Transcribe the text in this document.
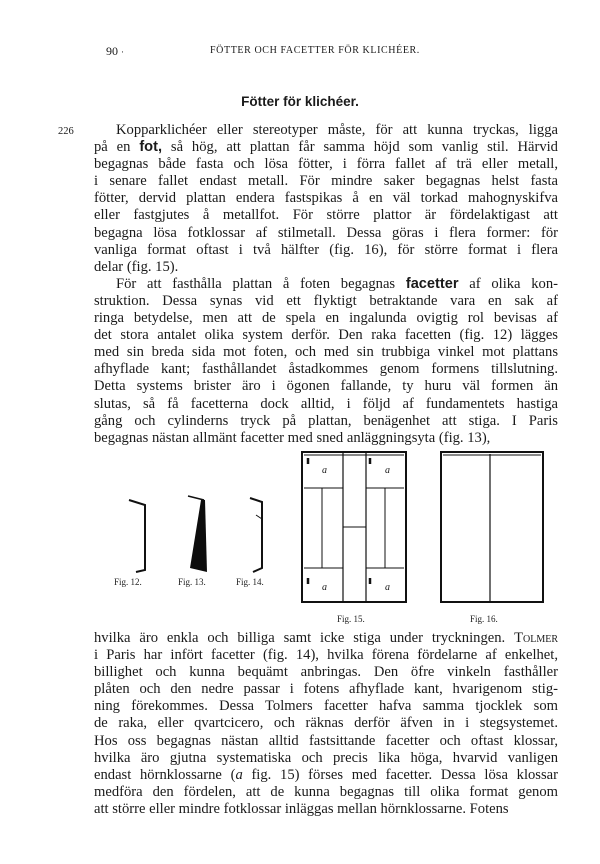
90 ·	FÖTTER OCH FACETTER FÖR KLICHÉER.
Fötter för klichéer.
226	Kopparklichéer eller stereotyper måste, för att kunna tryckas, ligga
på en fot, så hög, att plattan får samma höjd som vanlig stil. Härvid
begagnas både fasta och lösa fötter, i förra fallet af trä eller metall,
i senare fallet endast metall. För mindre saker begagnas helst fasta
fötter, dervid plattan endera fastspikas å en väl torkad mahognyskifva
eller fastgjutes å metallfot. För större plattor är fördelaktigast att
begagna lösa fotklossar af stilmetall. Dessa göras i flera former: för
vanliga format oftast i två hälfter (fig. 16), för större format i flera
delar (fig. 15).
För att fasthålla plattan å foten begagnas facetter af olika kon-
struktion. Dessa synas vid ett flyktigt betraktande vara en sak af
ringa betydelse, men att de spela en ingalunda ovigtig rol bevisas af
det stora antalet olika system derför. Den raka facetten (fig. 12) lägges
med sin breda sida mot foten, och med sin trubbiga vinkel mot plattans
afhyflade kant; fasthållandet åstadkommes genom formens tillslutning.
Detta systems brister äro i ögonen fallande, ty huru väl formen än
slutas, så få facetterna dock alltid, i följd af fundamentets hastiga
gång och cylinderns tryck på plattan, benägenhet att stiga. I Paris
begagnas nästan allmänt facetter med sned anläggningsyta (fig. 13),
Fig. 12.	Fig. 13.	Fig. 14.
a	a
a	a
Fig. 15.	Fig. 16.
hvilka äro enkla och billiga samt icke stiga under tryckningen. Tolmer
i Paris har infört facetter (fig. 14), hvilka förena fördelarne af enkelhet,
billighet och kunna bequämt anbringas. Den öfre vinkeln fasthåller
plåten och den nedre passar i fotens afhyflade kant, hvarigenom stig-
ning förekommes. Dessa Tolmers facetter hafva samma tjocklek som
de raka, eller qvartcicero, och räknas derför äfven in i stegsystemet.
Hos oss begagnas nästan alltid fastsittande facetter och oftast klossar,
hvilka äro gjutna systematiska och precis lika höga, hvarvid vanligen
endast hörnklossarne (a fig. 15) förses med facetter. Dessa lösa klossar
medföra den fördelen, att de kunna begagnas till olika format genom
att större eller mindre fotklossar inläggas mellan hörnklossarne. Fotens
